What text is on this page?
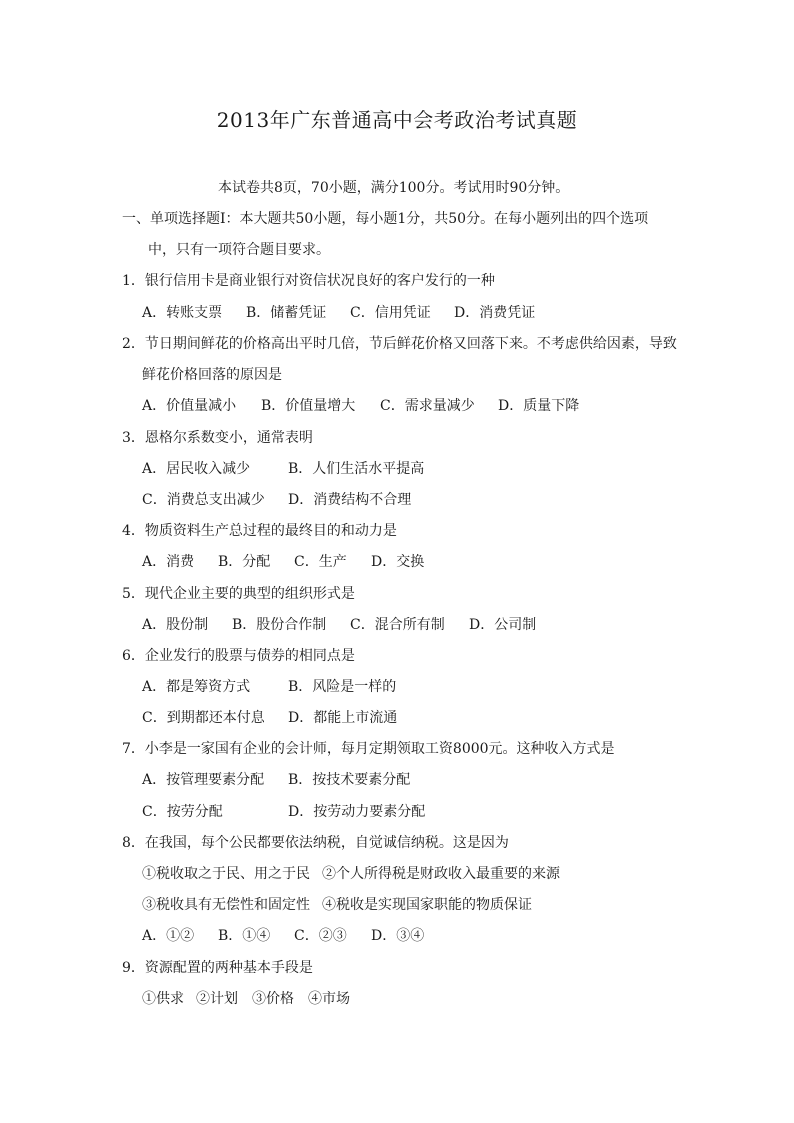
2013年广东普通高中会考政治考试真题
本试卷共8页，70小题，满分100分。考试用时90分钟。
一、单项选择题Ⅰ：本大题共50小题，每小题1分，共50分。在每小题列出的四个选项
中，只有一项符合题目要求。
1．银行信用卡是商业银行对资信状况良好的客户发行的一种
A．转账支票 B．储蓄凭证 C．信用凭证 D．消费凭证
2．节日期间鲜花的价格高出平时几倍，节后鲜花价格又回落下来。不考虑供给因素，导致
鲜花价格回落的原因是
A．价值量减小 B．价值量增大 C．需求量减少 D．质量下降
3．恩格尔系数变小，通常表明
A．居民收入减少	B．人们生活水平提高
C．消费总支出减少 D．消费结构不合理
4．物质资料生产总过程的最终目的和动力是
A．消费 B．分配 C．生产 D．交换
5．现代企业主要的典型的组织形式是
A．股份制 B．股份合作制 C．混合所有制 D．公司制
6．企业发行的股票与债券的相同点是
A．都是筹资方式	B．风险是一样的
C．到期都还本付息 D．都能上市流通
7．小李是一家国有企业的会计师，每月定期领取工资8000元。这种收入方式是
A．按管理要素分配 B．按技术要素分配
C．按劳分配	D．按劳动力要素分配
8．在我国，每个公民都要依法纳税，自觉诚信纳税。这是因为
①税收取之于民、用之于民 ②个人所得税是财政收入最重要的来源
③税收具有无偿性和固定性 ④税收是实现国家职能的物质保证
A．①② B．①④ C．②③ D．③④
9．资源配置的两种基本手段是
①供求 ②计划 ③价格 ④市场
